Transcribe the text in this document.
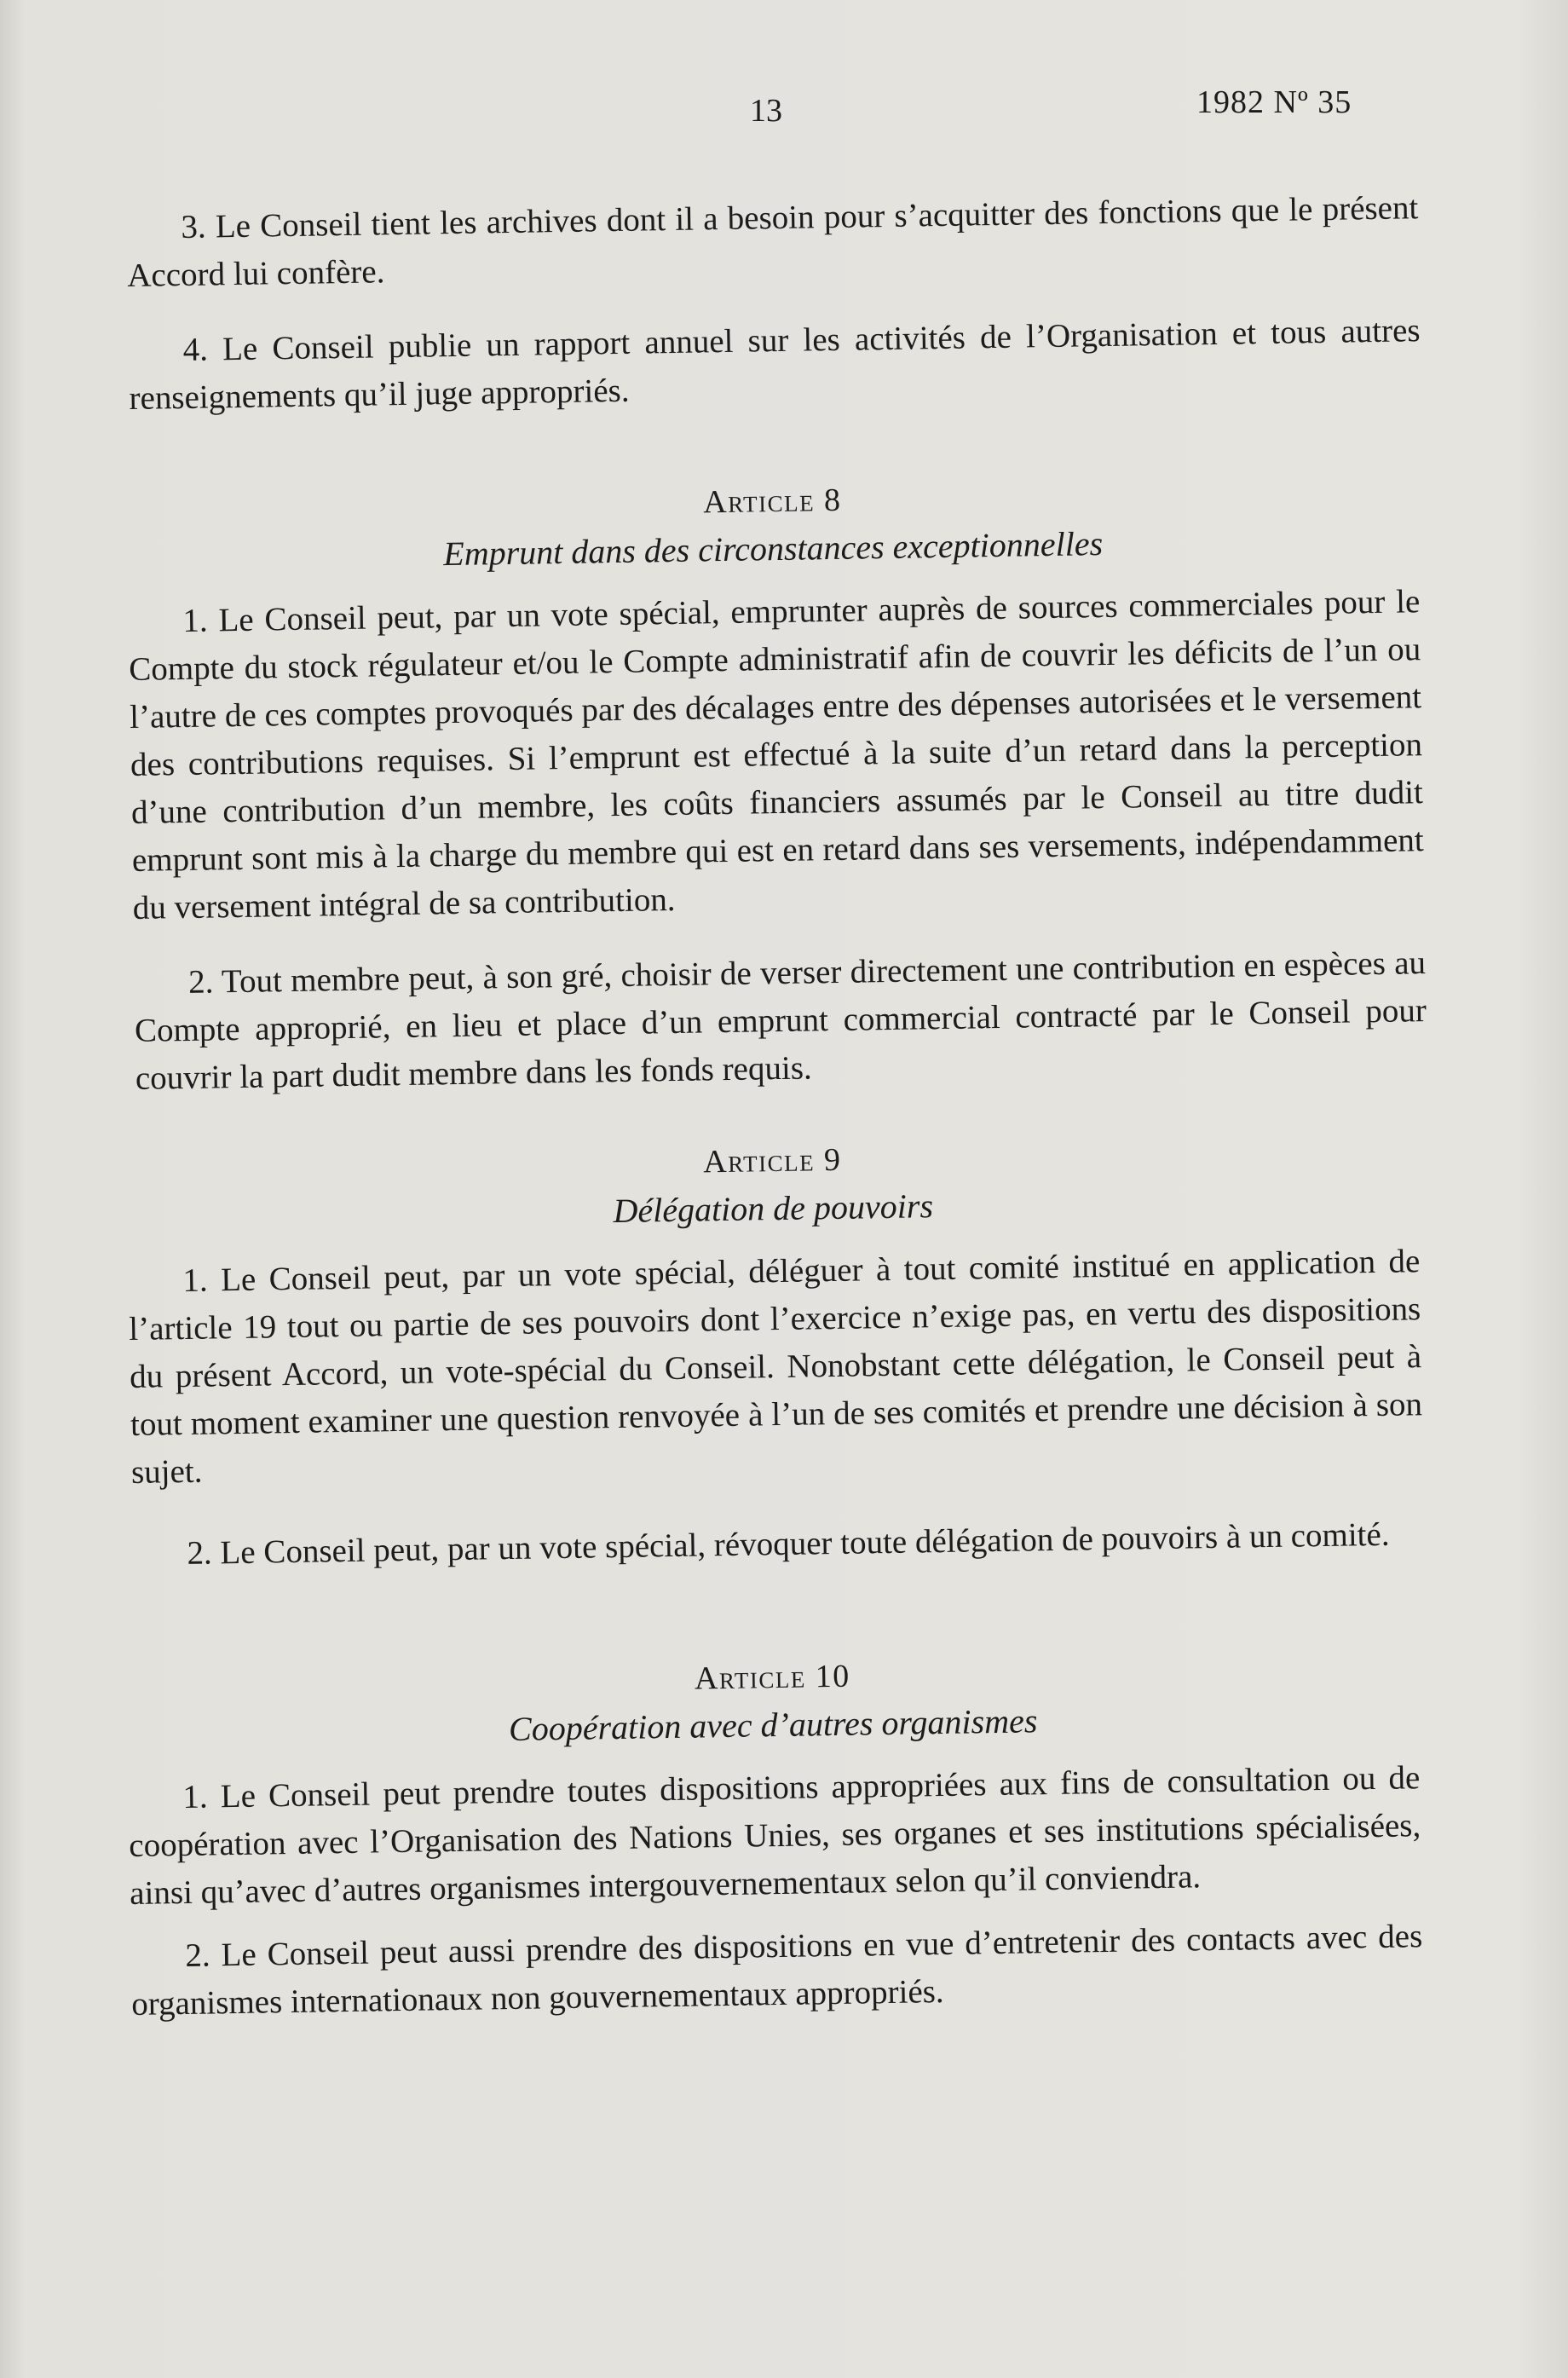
13	1982 Nº 35

3. Le Conseil tient les archives dont il a besoin pour s’acquitter des fonctions que le présent Accord lui confère.

4. Le Conseil publie un rapport annuel sur les activités de l’Organisation et tous autres renseignements qu’il juge appropriés.

Article 8

Emprunt dans des circonstances exceptionnelles

1. Le Conseil peut, par un vote spécial, emprunter auprès de sources commerciales pour le Compte du stock régulateur et/ou le Compte administratif afin de couvrir les déficits de l’un ou l’autre de ces comptes provoqués par des décalages entre des dépenses autorisées et le versement des contributions requises. Si l’emprunt est effectué à la suite d’un retard dans la perception d’une contribution d’un membre, les coûts financiers assumés par le Conseil au titre dudit emprunt sont mis à la charge du membre qui est en retard dans ses versements, indépendamment du versement intégral de sa contribution.

2. Tout membre peut, à son gré, choisir de verser directement une contribution en espèces au Compte approprié, en lieu et place d’un emprunt commercial contracté par le Conseil pour couvrir la part dudit membre dans les fonds requis.

Article 9

Délégation de pouvoirs

1. Le Conseil peut, par un vote spécial, déléguer à tout comité institué en application de l’article 19 tout ou partie de ses pouvoirs dont l’exercice n’exige pas, en vertu des dispositions du présent Accord, un vote-spécial du Conseil. Nonobstant cette délégation, le Conseil peut à tout moment examiner une question renvoyée à l’un de ses comités et prendre une décision à son sujet.

2. Le Conseil peut, par un vote spécial, révoquer toute délégation de pouvoirs à un comité.

Article 10

Coopération avec d’autres organismes

1. Le Conseil peut prendre toutes dispositions appropriées aux fins de consultation ou de coopération avec l’Organisation des Nations Unies, ses organes et ses institutions spécialisées, ainsi qu’avec d’autres organismes intergouvernementaux selon qu’il conviendra.

2. Le Conseil peut aussi prendre des dispositions en vue d’entretenir des contacts avec des organismes internationaux non gouvernementaux appropriés.
